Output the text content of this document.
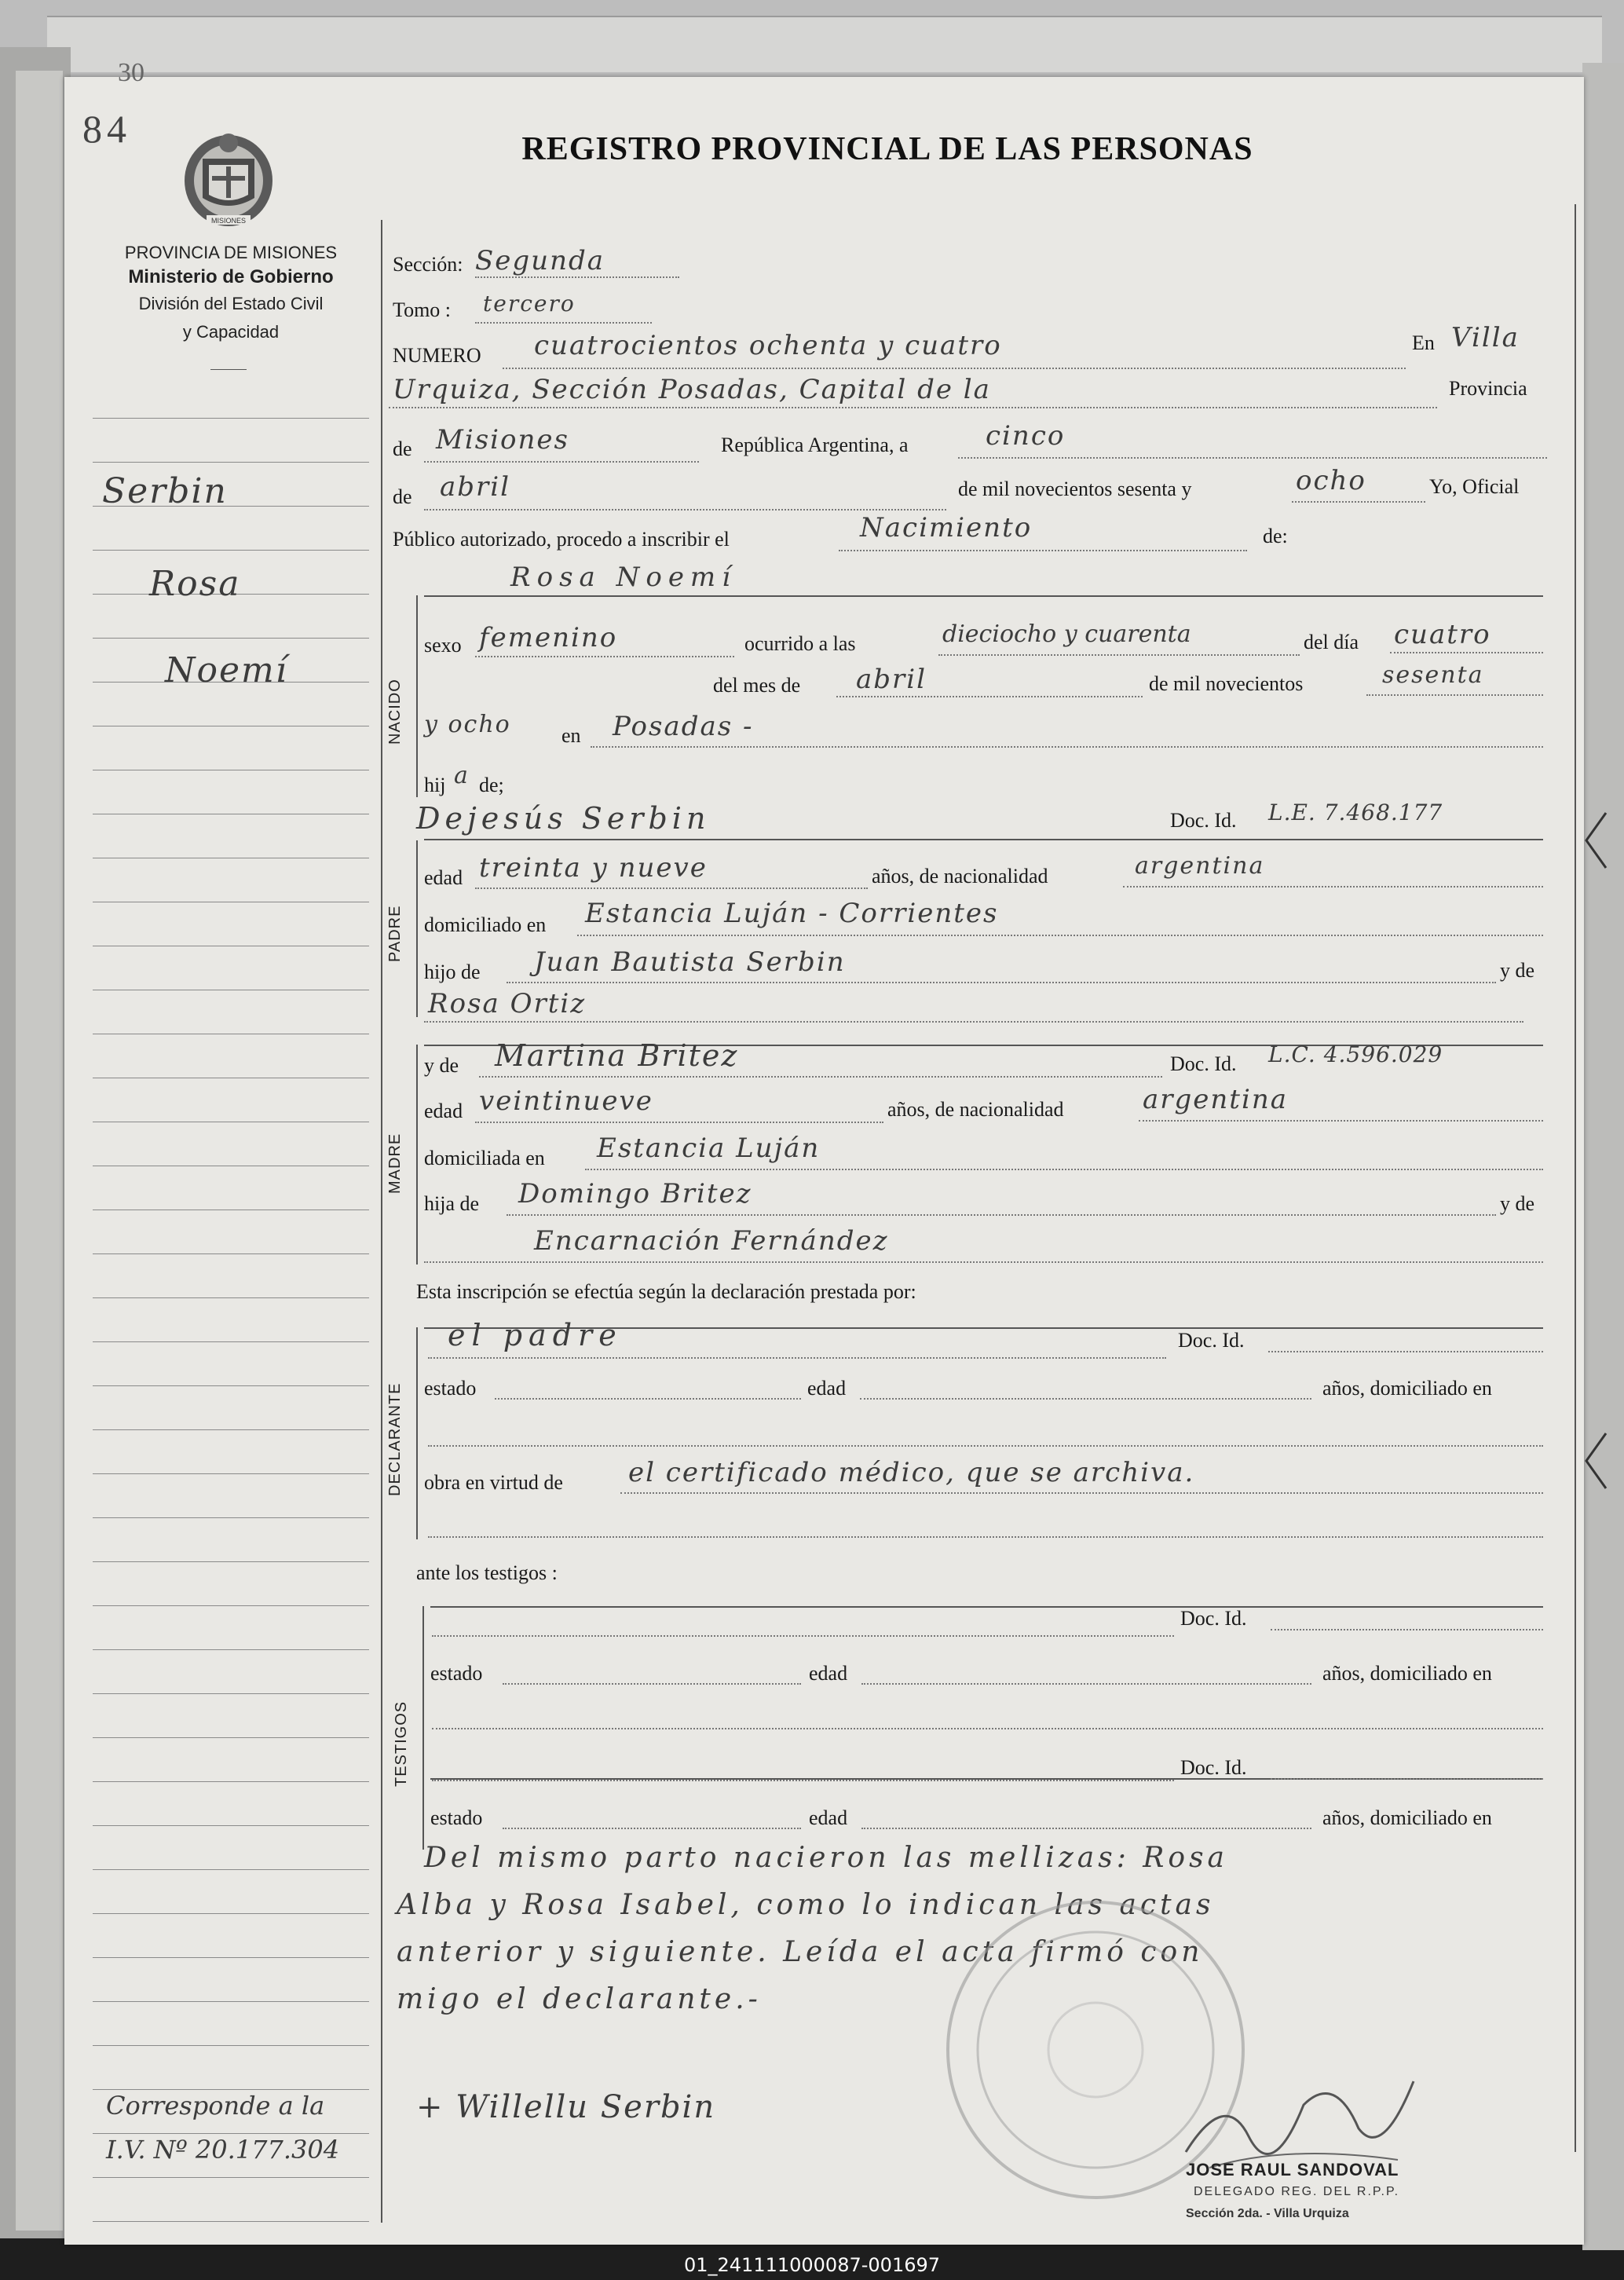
84
30
MISIONES
PROVINCIA DE MISIONES
Ministerio de Gobierno
División del Estado Civil
y Capacidad
REGISTRO PROVINCIAL DE LAS PERSONAS
Serbin
Rosa
Noemí
Corresponde a la
I.V. Nº 20.177.304
Sección: Segunda
Tomo : tercero
NUMERO cuatrocientos ochenta y cuatro	En Villa
Urquiza, Sección Posadas, Capital de la	Provincia
de Misiones	República Argentina, a	cinco
de abril	de mil novecientos sesenta y	ocho	Yo, Oficial
Público autorizado, procedo a inscribir el	Nacimiento	de:
NACIDO
Rosa Noemí
sexo femenino	ocurrido a las	dieciocho y cuarenta	del día cuatro
del mes de abril	de mil novecientos	sesenta
y ocho en Posadas -
hij a de;
PADRE
Dejesús Serbin	Doc. Id. L.E. 7.468.177
edad treinta y nueve	años, de nacionalidad	argentina
domiciliado en Estancia Luján - Corrientes
hijo de Juan Bautista Serbin	y de
Rosa Ortiz
MADRE
y de Martina Britez	Doc. Id. L.C. 4.596.029
edad veintinueve	años, de nacionalidad	argentina
domiciliada en Estancia Luján
hija de Domingo Britez	y de
Encarnación Fernández
Esta inscripción se efectúa según la declaración prestada por:
DECLARANTE
el padre	Doc. Id.
estado	edad	años, domiciliado en
obra en virtud de el certificado médico, que se archiva.
ante los testigos :
TESTIGOS
Doc. Id.
estado	edad	años, domiciliado en
Doc. Id.
estado	edad	años, domiciliado en
Del mismo parto nacieron las mellizas: Rosa
Alba y Rosa Isabel, como lo indican las actas
anterior y siguiente. Leída el acta firmó con
migo el declarante.-
+ Willellu Serbin
JOSE RAUL SANDOVAL
DELEGADO REG. DEL R.P.P.
Sección 2da. - Villa Urquiza
01_241111000087-001697
